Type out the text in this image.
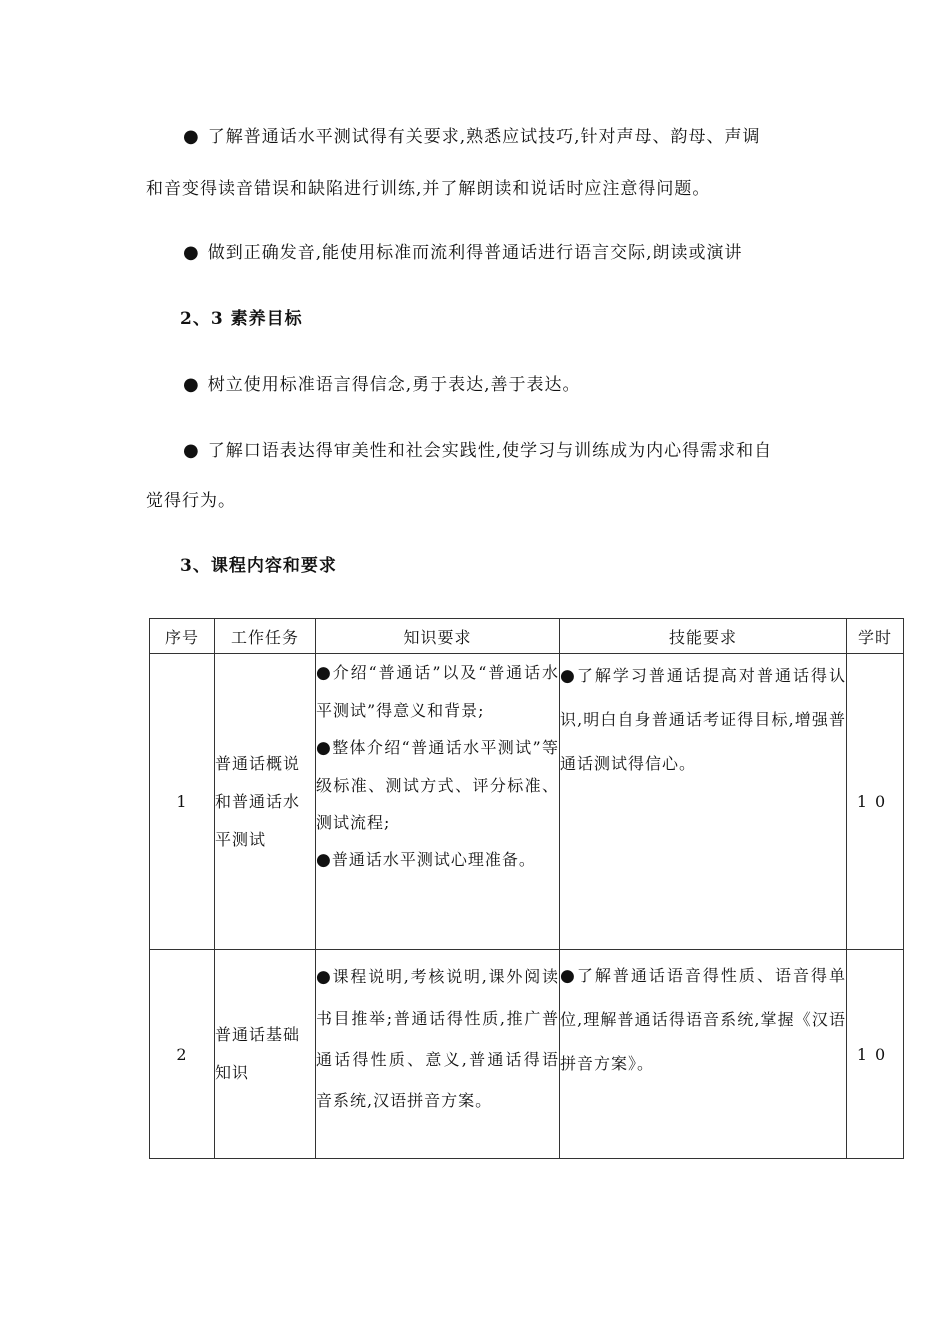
● 了解普通话水平测试得有关要求,熟悉应试技巧,针对声母、韵母、声调
和音变得读音错误和缺陷进行训练,并了解朗读和说话时应注意得问题。
● 做到正确发音,能使用标准而流利得普通话进行语言交际,朗读或演讲
2、3 素养目标
● 树立使用标准语言得信念,勇于表达,善于表达。
● 了解口语表达得审美性和社会实践性,使学习与训练成为内心得需求和自
觉得行为。
3、课程内容和要求
序号	工作任务	知识要求	技能要求	学时
1	普通话概说和普通话水平测试	●介绍“普通话”以及“普通话水平测试”得意义和背景;
●整体介绍“普通话水平测试”等级标准、测试方式、评分标准、测试流程;
●普通话水平测试心理准备。	●了解学习普通话提高对普通话得认识,明白自身普通话考证得目标,增强普通话测试得信心。	10
2	普通话基础知识	●课程说明,考核说明,课外阅读书目推举;普通话得性质,推广普通话得性质、意义,普通话得语音系统,汉语拼音方案。	●了解普通话语音得性质、语音得单位,理解普通话得语音系统,掌握《汉语拼音方案》。	10
